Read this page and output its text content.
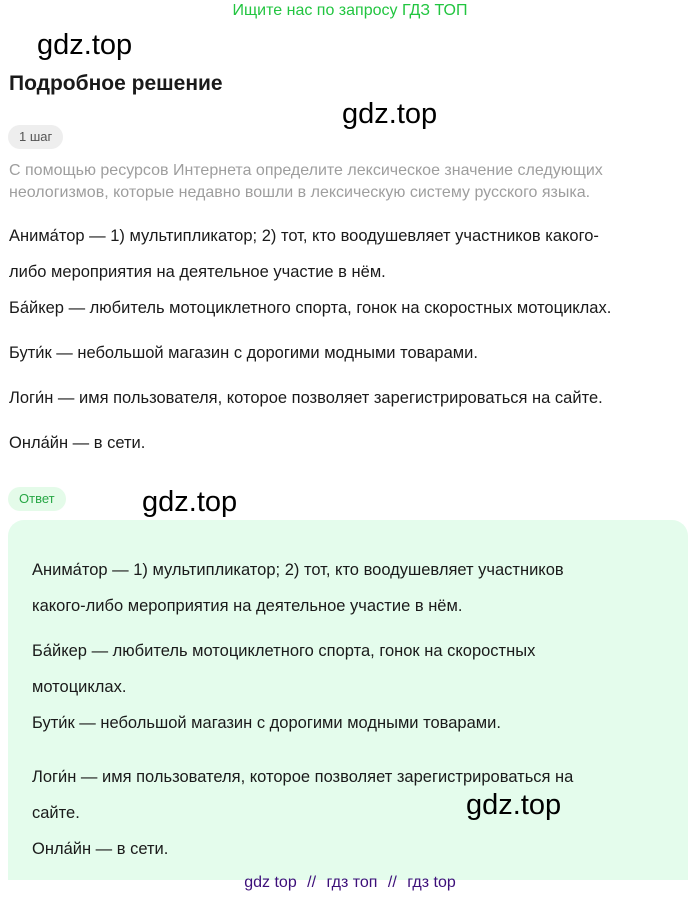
Ищите нас по запросу ГДЗ ТОП
gdz.top
Подробное решение
gdz.top
1 шаг
С помощью ресурсов Интернета определите лексическое значение следующих
неологизмов, которые недавно вошли в лексическую систему русского языка.
Анима́тор — 1) мультипликатор; 2) тот, кто воодушевляет участников какого-
либо мероприятия на деятельное участие в нём.
Ба́йкер — любитель мотоциклетного спорта, гонок на скоростных мотоциклах.
Бути́к — небольшой магазин с дорогими модными товарами.
Логи́н — имя пользователя, которое позволяет зарегистрироваться на сайте.
Онла́йн — в сети.
Ответ	gdz.top
Анима́тор — 1) мультипликатор; 2) тот, кто воодушевляет участников
какого-либо мероприятия на деятельное участие в нём.
Ба́йкер — любитель мотоциклетного спорта, гонок на скоростных
мотоциклах.
Бути́к — небольшой магазин с дорогими модными товарами.
Логи́н — имя пользователя, которое позволяет зарегистрироваться на
сайте.
Онла́йн — в сети.
gdz.top
gdz top // гдз топ // гдз top
